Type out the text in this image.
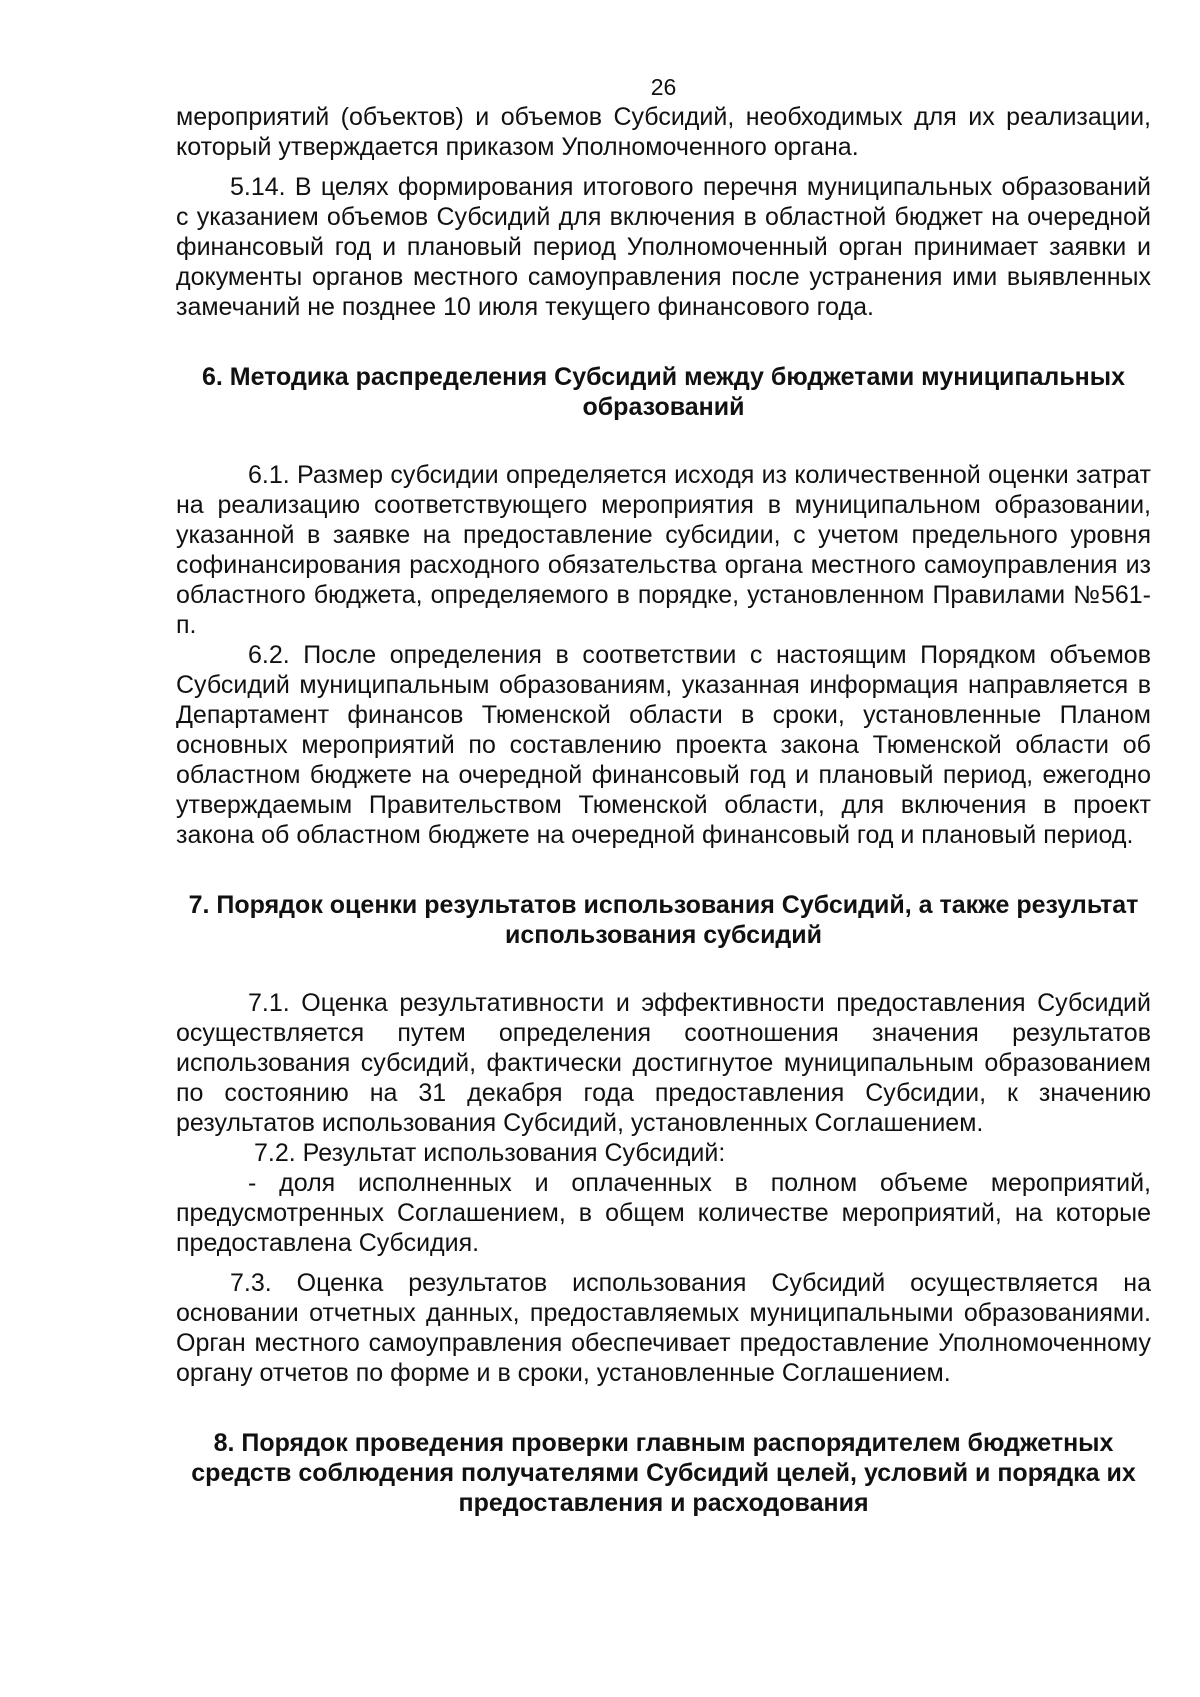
26

мероприятий (объектов) и объемов Субсидий, необходимых для их реализации, который утверждается приказом Уполномоченного органа.

5.14. В целях формирования итогового перечня муниципальных образований с указанием объемов Субсидий для включения в областной бюджет на очередной финансовый год и плановый период Уполномоченный орган принимает заявки и документы органов местного самоуправления после устранения ими выявленных замечаний не позднее 10 июля текущего финансового года.

6. Методика распределения Субсидий между бюджетами муниципальных образований

6.1. Размер субсидии определяется исходя из количественной оценки затрат на реализацию соответствующего мероприятия в муниципальном образовании, указанной в заявке на предоставление субсидии, с учетом предельного уровня софинансирования расходного обязательства органа местного самоуправления из областного бюджета, определяемого в порядке, установленном Правилами №561-п.

6.2. После определения в соответствии с настоящим Порядком объемов Субсидий муниципальным образованиям, указанная информация направляется в Департамент финансов Тюменской области в сроки, установленные Планом основных мероприятий по составлению проекта закона Тюменской области об областном бюджете на очередной финансовый год и плановый период, ежегодно утверждаемым Правительством Тюменской области, для включения в проект закона об областном бюджете на очередной финансовый год и плановый период.

7. Порядок оценки результатов использования Субсидий, а также результат использования субсидий

7.1. Оценка результативности и эффективности предоставления Субсидий осуществляется путем определения соотношения значения результатов использования субсидий, фактически достигнутое муниципальным образованием по состоянию на 31 декабря года предоставления Субсидии, к значению результатов использования Субсидий, установленных Соглашением.

7.2. Результат использования Субсидий:

- доля исполненных и оплаченных в полном объеме мероприятий, предусмотренных Соглашением, в общем количестве мероприятий, на которые предоставлена Субсидия.

7.3. Оценка результатов использования Субсидий осуществляется на основании отчетных данных, предоставляемых муниципальными образованиями. Орган местного самоуправления обеспечивает предоставление Уполномоченному органу отчетов по форме и в сроки, установленные Соглашением.

8. Порядок проведения проверки главным распорядителем бюджетных средств соблюдения получателями Субсидий целей, условий и порядка их предоставления и расходования
